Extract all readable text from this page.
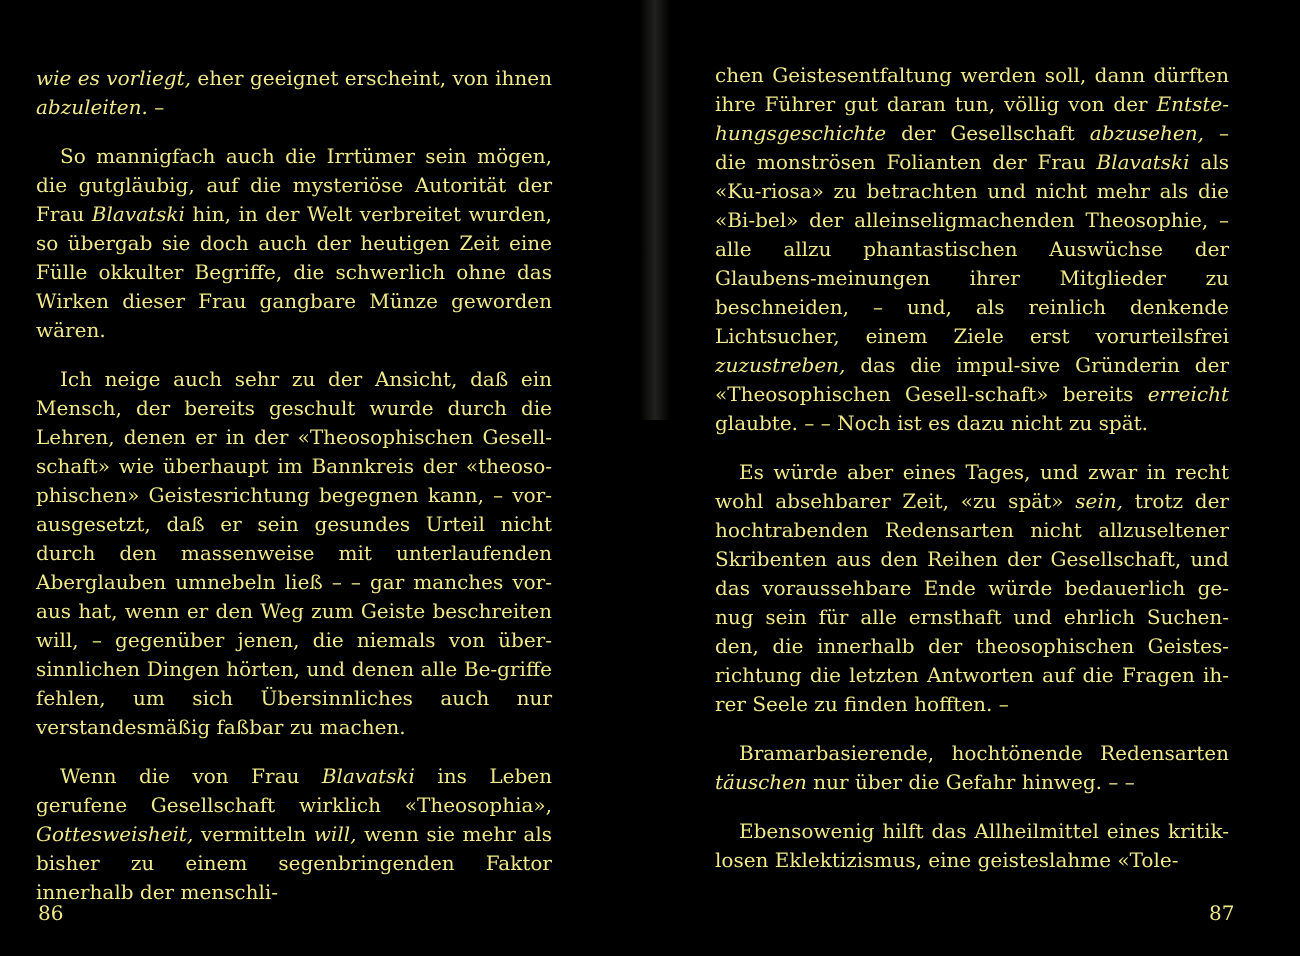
wie es vorliegt, eher geeignet erscheint, von ihnen abzuleiten. –

So mannigfach auch die Irrtümer sein mögen, die gutgläubig, auf die mysteriöse Autorität der Frau Blavatski hin, in der Welt verbreitet wurden, so übergab sie doch auch der heutigen Zeit eine Fülle okkulter Begriffe, die schwerlich ohne das Wirken dieser Frau gangbare Münze geworden wären.

Ich neige auch sehr zu der Ansicht, daß ein Mensch, der bereits geschult wurde durch die Lehren, denen er in der «Theosophischen Gesell-schaft» wie überhaupt im Bannkreis der «theoso-phischen» Geistesrichtung begegnen kann, – vor-ausgesetzt, daß er sein gesundes Urteil nicht durch den massenweise mit unterlaufenden Aberglauben umnebeln ließ – – gar manches vor-aus hat, wenn er den Weg zum Geiste beschreiten will, – gegenüber jenen, die niemals von über-sinnlichen Dingen hörten, und denen alle Be-griffe fehlen, um sich Übersinnliches auch nur verstandesmäßig faßbar zu machen.

Wenn die von Frau Blavatski ins Leben gerufene Gesellschaft wirklich «Theosophia», Gottesweisheit, vermitteln will, wenn sie mehr als bisher zu einem segenbringenden Faktor innerhalb der menschli-

86

chen Geistesentfaltung werden soll, dann dürften ihre Führer gut daran tun, völlig von der Entste-hungsgeschichte der Gesellschaft abzusehen, – die monströsen Folianten der Frau Blavatski als «Ku-riosa» zu betrachten und nicht mehr als die «Bi-bel» der alleinseligmachenden Theosophie, – alle allzu phantastischen Auswüchse der Glaubens-meinungen ihrer Mitglieder zu beschneiden, – und, als reinlich denkende Lichtsucher, einem Ziele erst vorurteilsfrei zuzustreben, das die impul-sive Gründerin der «Theosophischen Gesell-schaft» bereits erreicht glaubte. – – Noch ist es dazu nicht zu spät.

Es würde aber eines Tages, und zwar in recht wohl absehbarer Zeit, «zu spät» sein, trotz der hochtrabenden Redensarten nicht allzuseltener Skribenten aus den Reihen der Gesellschaft, und das voraussehbare Ende würde bedauerlich ge-nug sein für alle ernsthaft und ehrlich Suchen-den, die innerhalb der theosophischen Geistes-richtung die letzten Antworten auf die Fragen ih-rer Seele zu finden hofften. –

Bramarbasierende, hochtönende Redensarten täuschen nur über die Gefahr hinweg. – –

Ebensowenig hilft das Allheilmittel eines kritik-losen Eklektizismus, eine geisteslahme «Tole-

87
